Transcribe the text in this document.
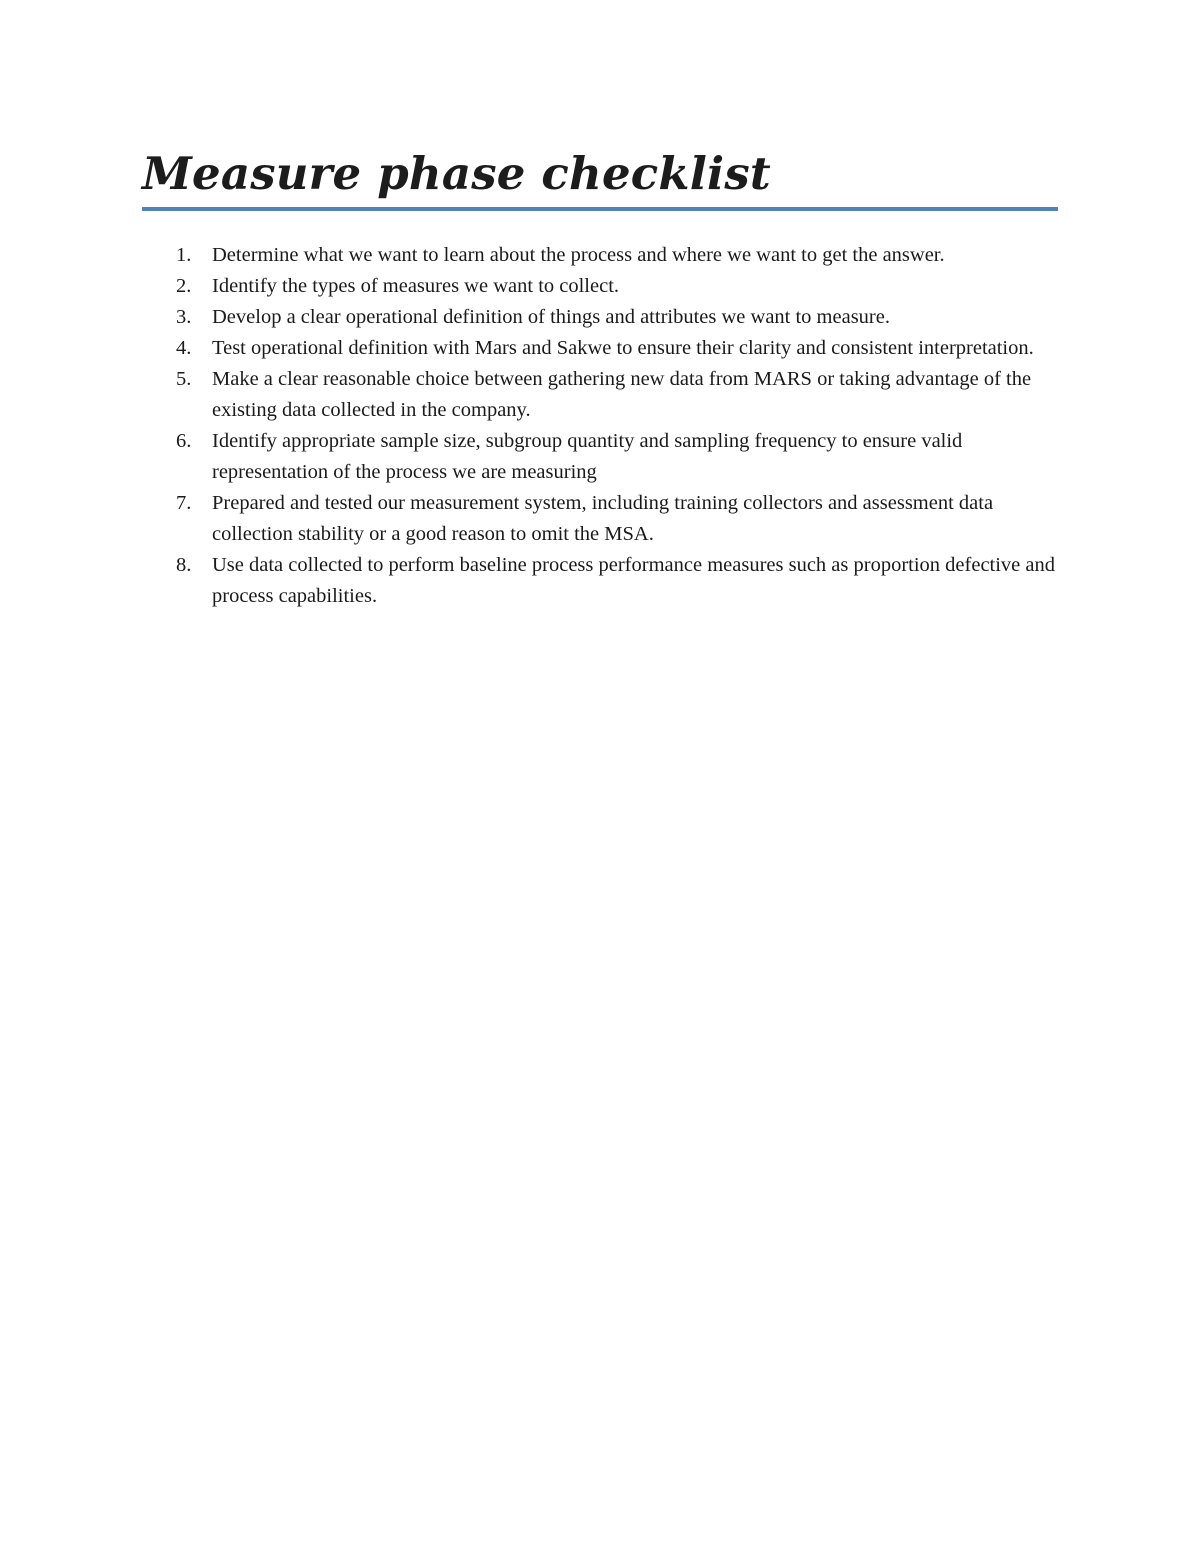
Measure phase checklist
1.	Determine what we want to learn about the process and where we want to get the answer.
2.	Identify the types of measures we want to collect.
3.	Develop a clear operational definition of things and attributes we want to measure.
4.	Test operational definition with Mars and Sakwe to ensure their clarity and consistent interpretation.
5.	Make a clear reasonable choice between gathering new data from MARS or taking advantage of the existing data collected in the company.
6.	Identify appropriate sample size, subgroup quantity and sampling frequency to ensure valid representation of the process we are measuring
7.	Prepared and tested our measurement system, including training collectors and assessment data collection stability or a good reason to omit the MSA.
8.	Use data collected to perform baseline process performance measures such as proportion defective and process capabilities.
